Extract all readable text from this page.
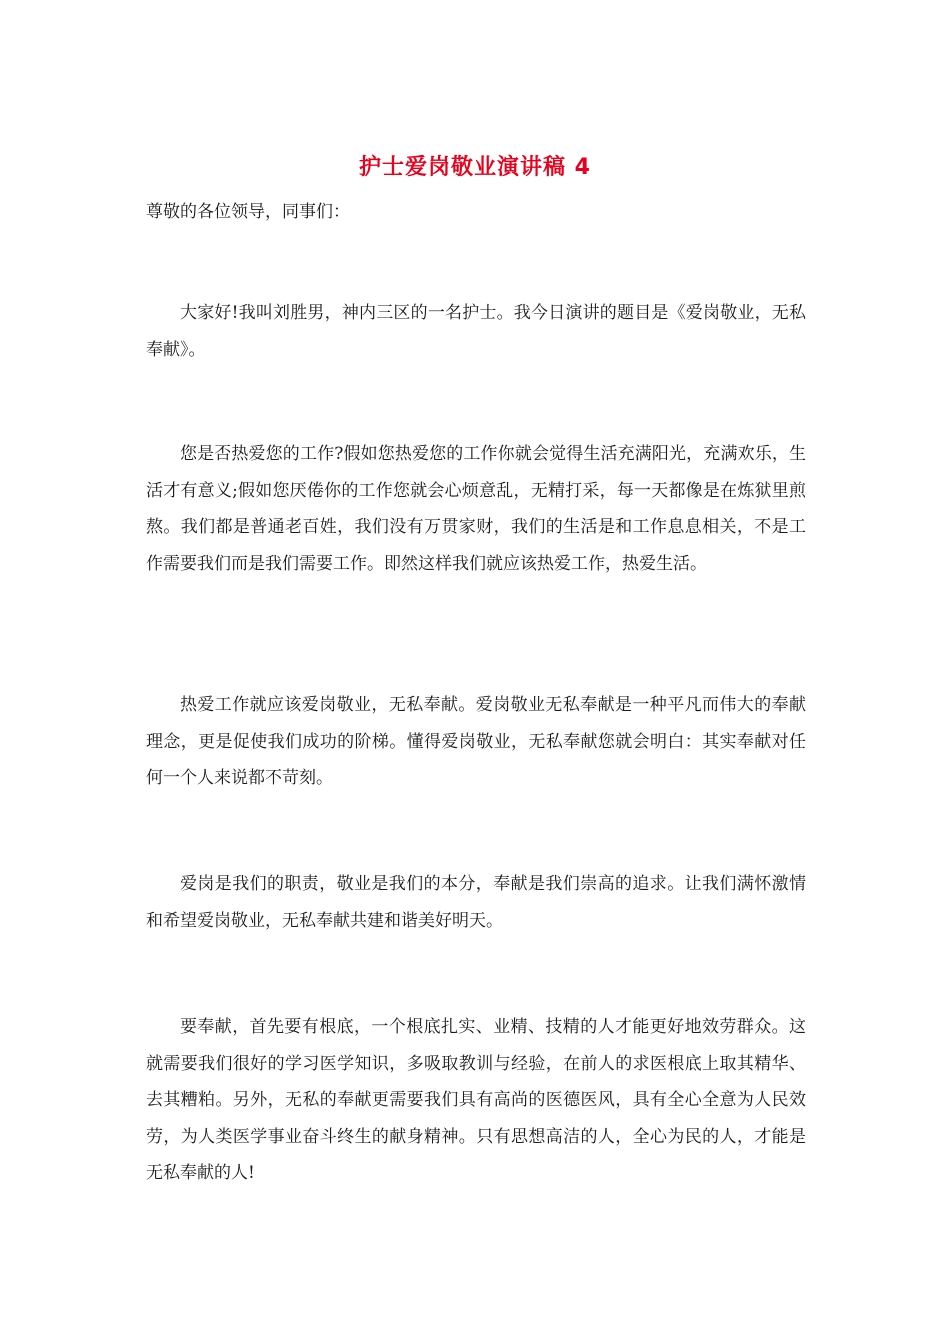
护士爱岗敬业演讲稿 4

尊敬的各位领导，同事们：

大家好!我叫刘胜男，神内三区的一名护士。我今日演讲的题目是《爱岗敬业，无私奉献》。

您是否热爱您的工作?假如您热爱您的工作你就会觉得生活充满阳光，充满欢乐，生活才有意义;假如您厌倦你的工作您就会心烦意乱，无精打采，每一天都像是在炼狱里煎熬。我们都是普通老百姓，我们没有万贯家财，我们的生活是和工作息息相关，不是工作需要我们而是我们需要工作。即然这样我们就应该热爱工作，热爱生活。

热爱工作就应该爱岗敬业，无私奉献。爱岗敬业无私奉献是一种平凡而伟大的奉献理念，更是促使我们成功的阶梯。懂得爱岗敬业，无私奉献您就会明白：其实奉献对任何一个人来说都不苛刻。

爱岗是我们的职责，敬业是我们的本分，奉献是我们崇高的追求。让我们满怀激情和希望爱岗敬业，无私奉献共建和谐美好明天。

要奉献，首先要有根底，一个根底扎实、业精、技精的人才能更好地效劳群众。这就需要我们很好的学习医学知识，多吸取教训与经验，在前人的求医根底上取其精华、去其糟粕。另外，无私的奉献更需要我们具有高尚的医德医风，具有全心全意为人民效劳，为人类医学事业奋斗终生的献身精神。只有思想高洁的人，全心为民的人，才能是无私奉献的人!
